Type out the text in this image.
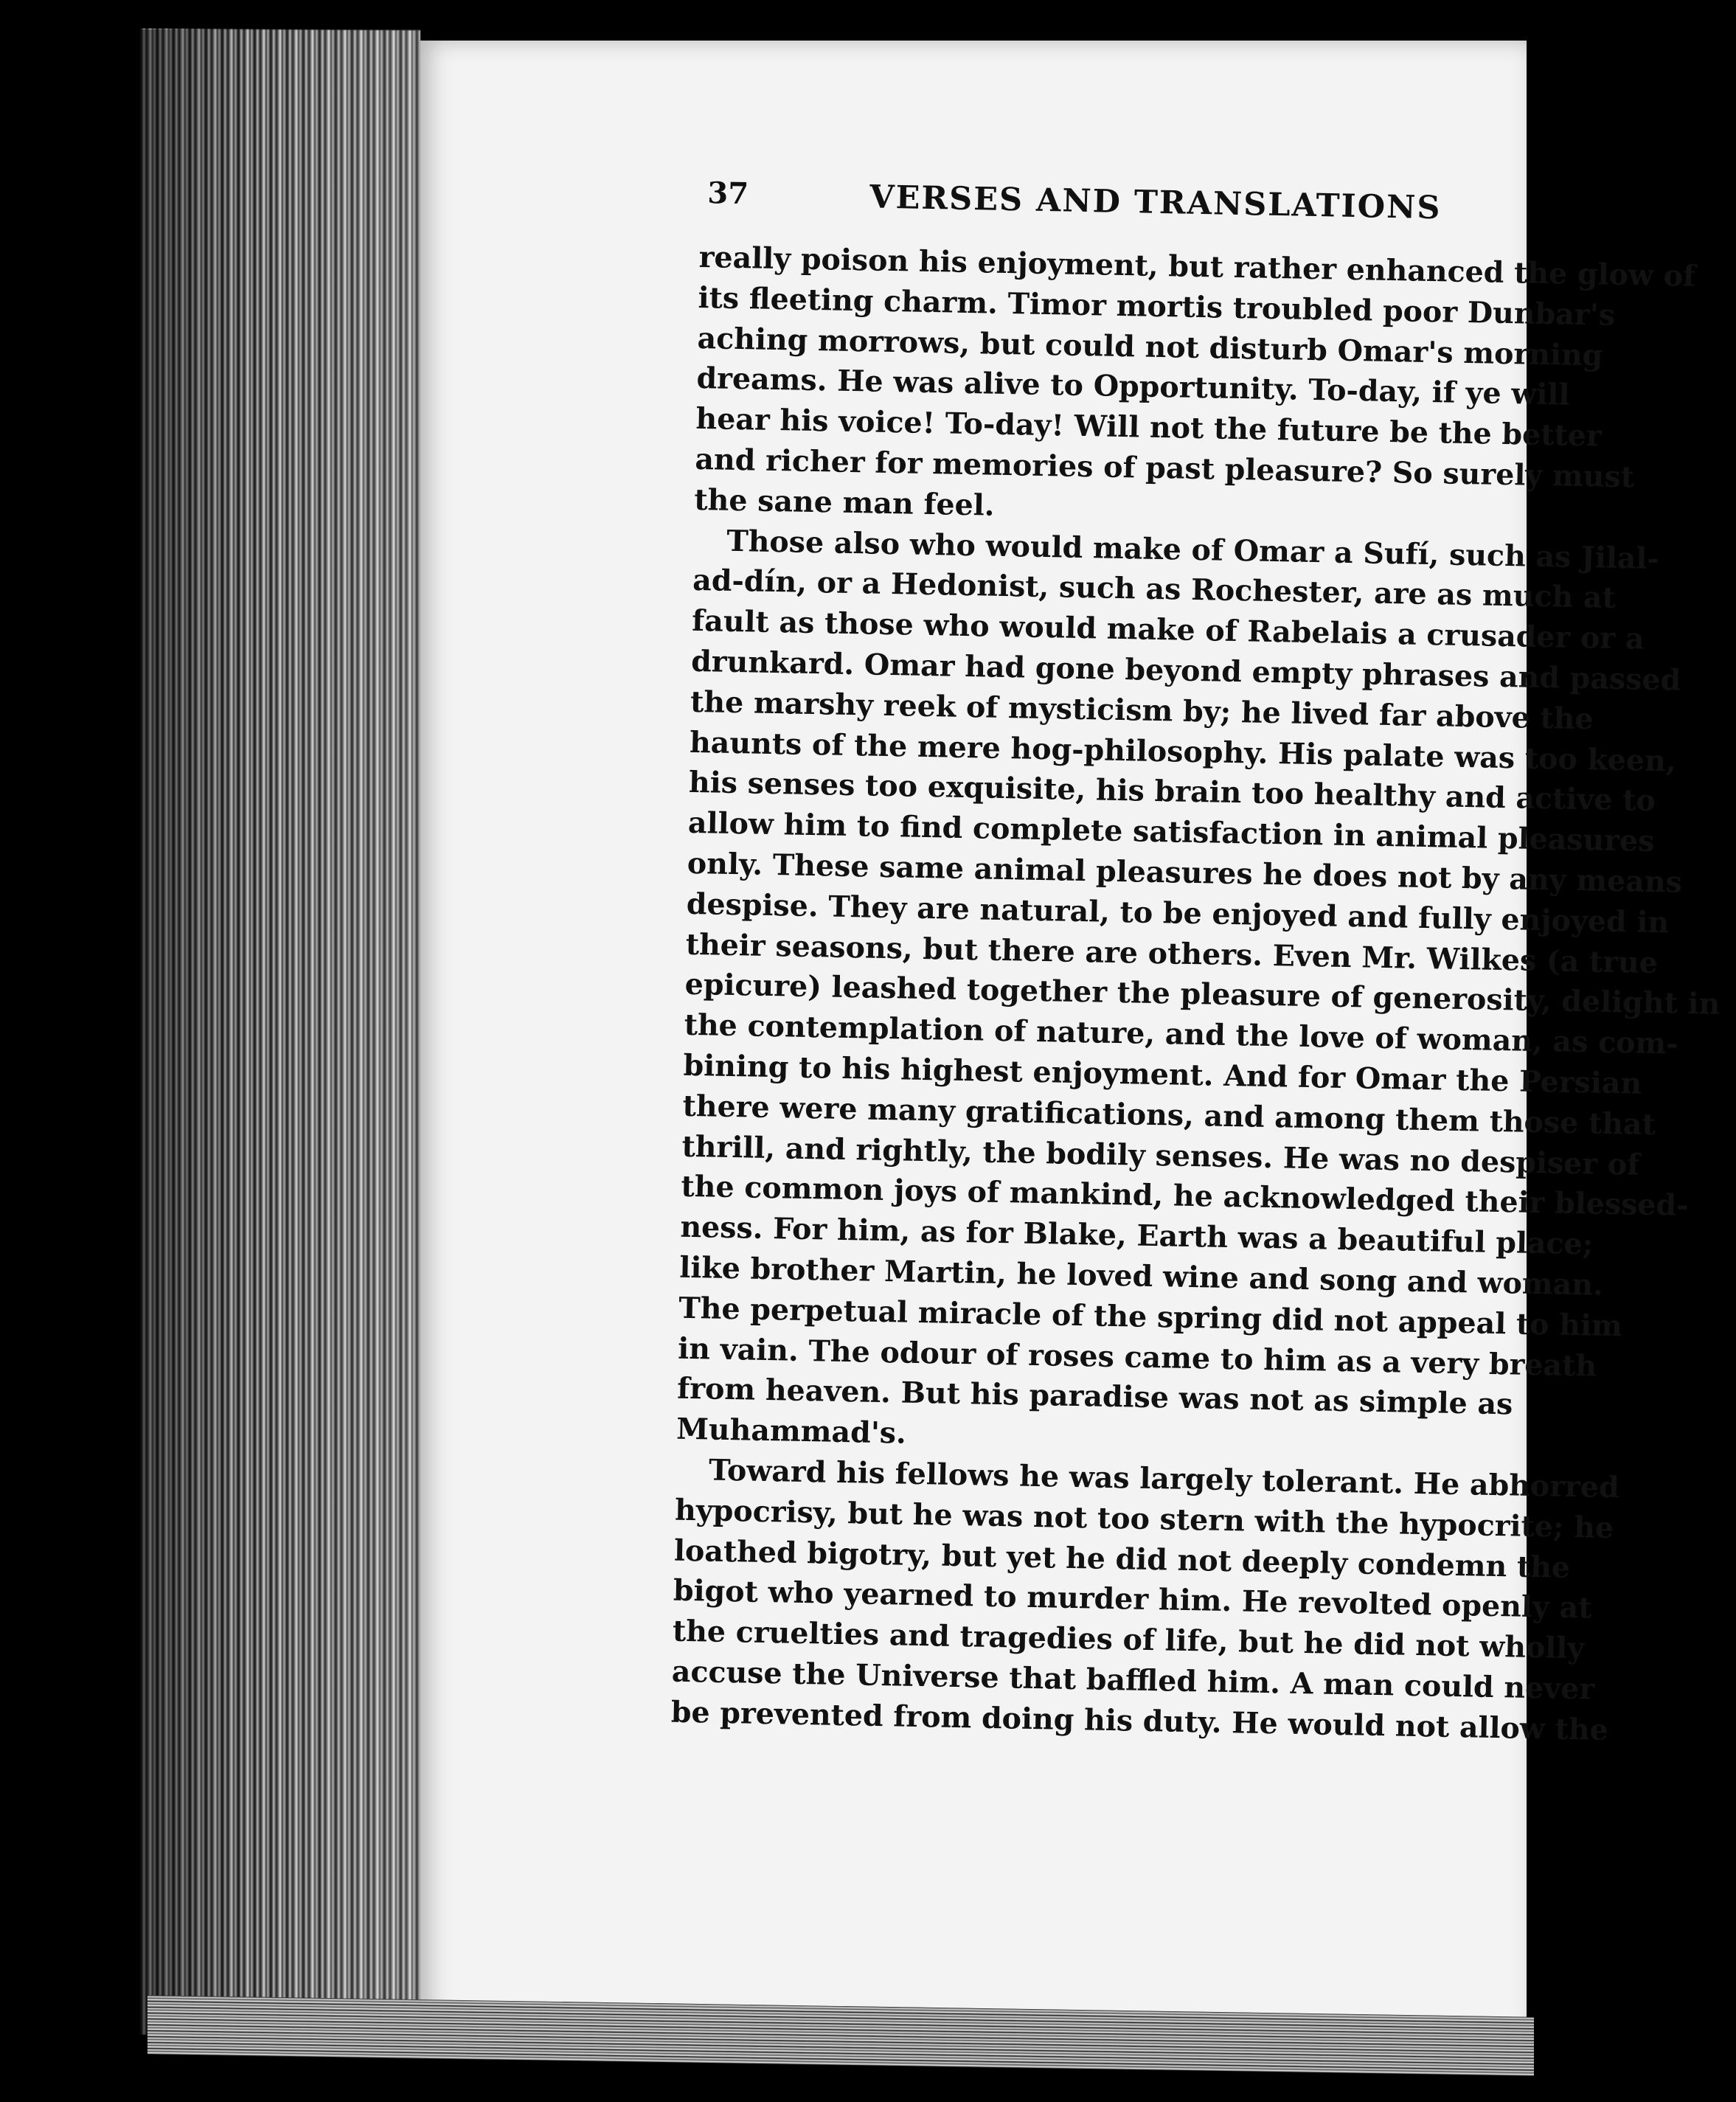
37	VERSES AND TRANSLATIONS

really poison his enjoyment, but rather enhanced the glow of
its fleeting charm. Timor mortis troubled poor Dunbar's
aching morrows, but could not disturb Omar's morning
dreams. He was alive to Opportunity. To-day, if ye will
hear his voice! To-day! Will not the future be the better
and richer for memories of past pleasure? So surely must
the sane man feel.

Those also who would make of Omar a Sufí, such as Jilal-
ad-dín, or a Hedonist, such as Rochester, are as much at
fault as those who would make of Rabelais a crusader or a
drunkard. Omar had gone beyond empty phrases and passed
the marshy reek of mysticism by; he lived far above the
haunts of the mere hog-philosophy. His palate was too keen,
his senses too exquisite, his brain too healthy and active to
allow him to find complete satisfaction in animal pleasures
only. These same animal pleasures he does not by any means
despise. They are natural, to be enjoyed and fully enjoyed in
their seasons, but there are others. Even Mr. Wilkes (a true
epicure) leashed together the pleasure of generosity, delight in
the contemplation of nature, and the love of woman, as com-
bining to his highest enjoyment. And for Omar the Persian
there were many gratifications, and among them those that
thrill, and rightly, the bodily senses. He was no despiser of
the common joys of mankind, he acknowledged their blessed-
ness. For him, as for Blake, Earth was a beautiful place;
like brother Martin, he loved wine and song and woman.
The perpetual miracle of the spring did not appeal to him
in vain. The odour of roses came to him as a very breath
from heaven. But his paradise was not as simple as
Muhammad's.

Toward his fellows he was largely tolerant. He abhorred
hypocrisy, but he was not too stern with the hypocrite; he
loathed bigotry, but yet he did not deeply condemn the
bigot who yearned to murder him. He revolted openly at
the cruelties and tragedies of life, but he did not wholly
accuse the Universe that baffled him. A man could never
be prevented from doing his duty. He would not allow the
